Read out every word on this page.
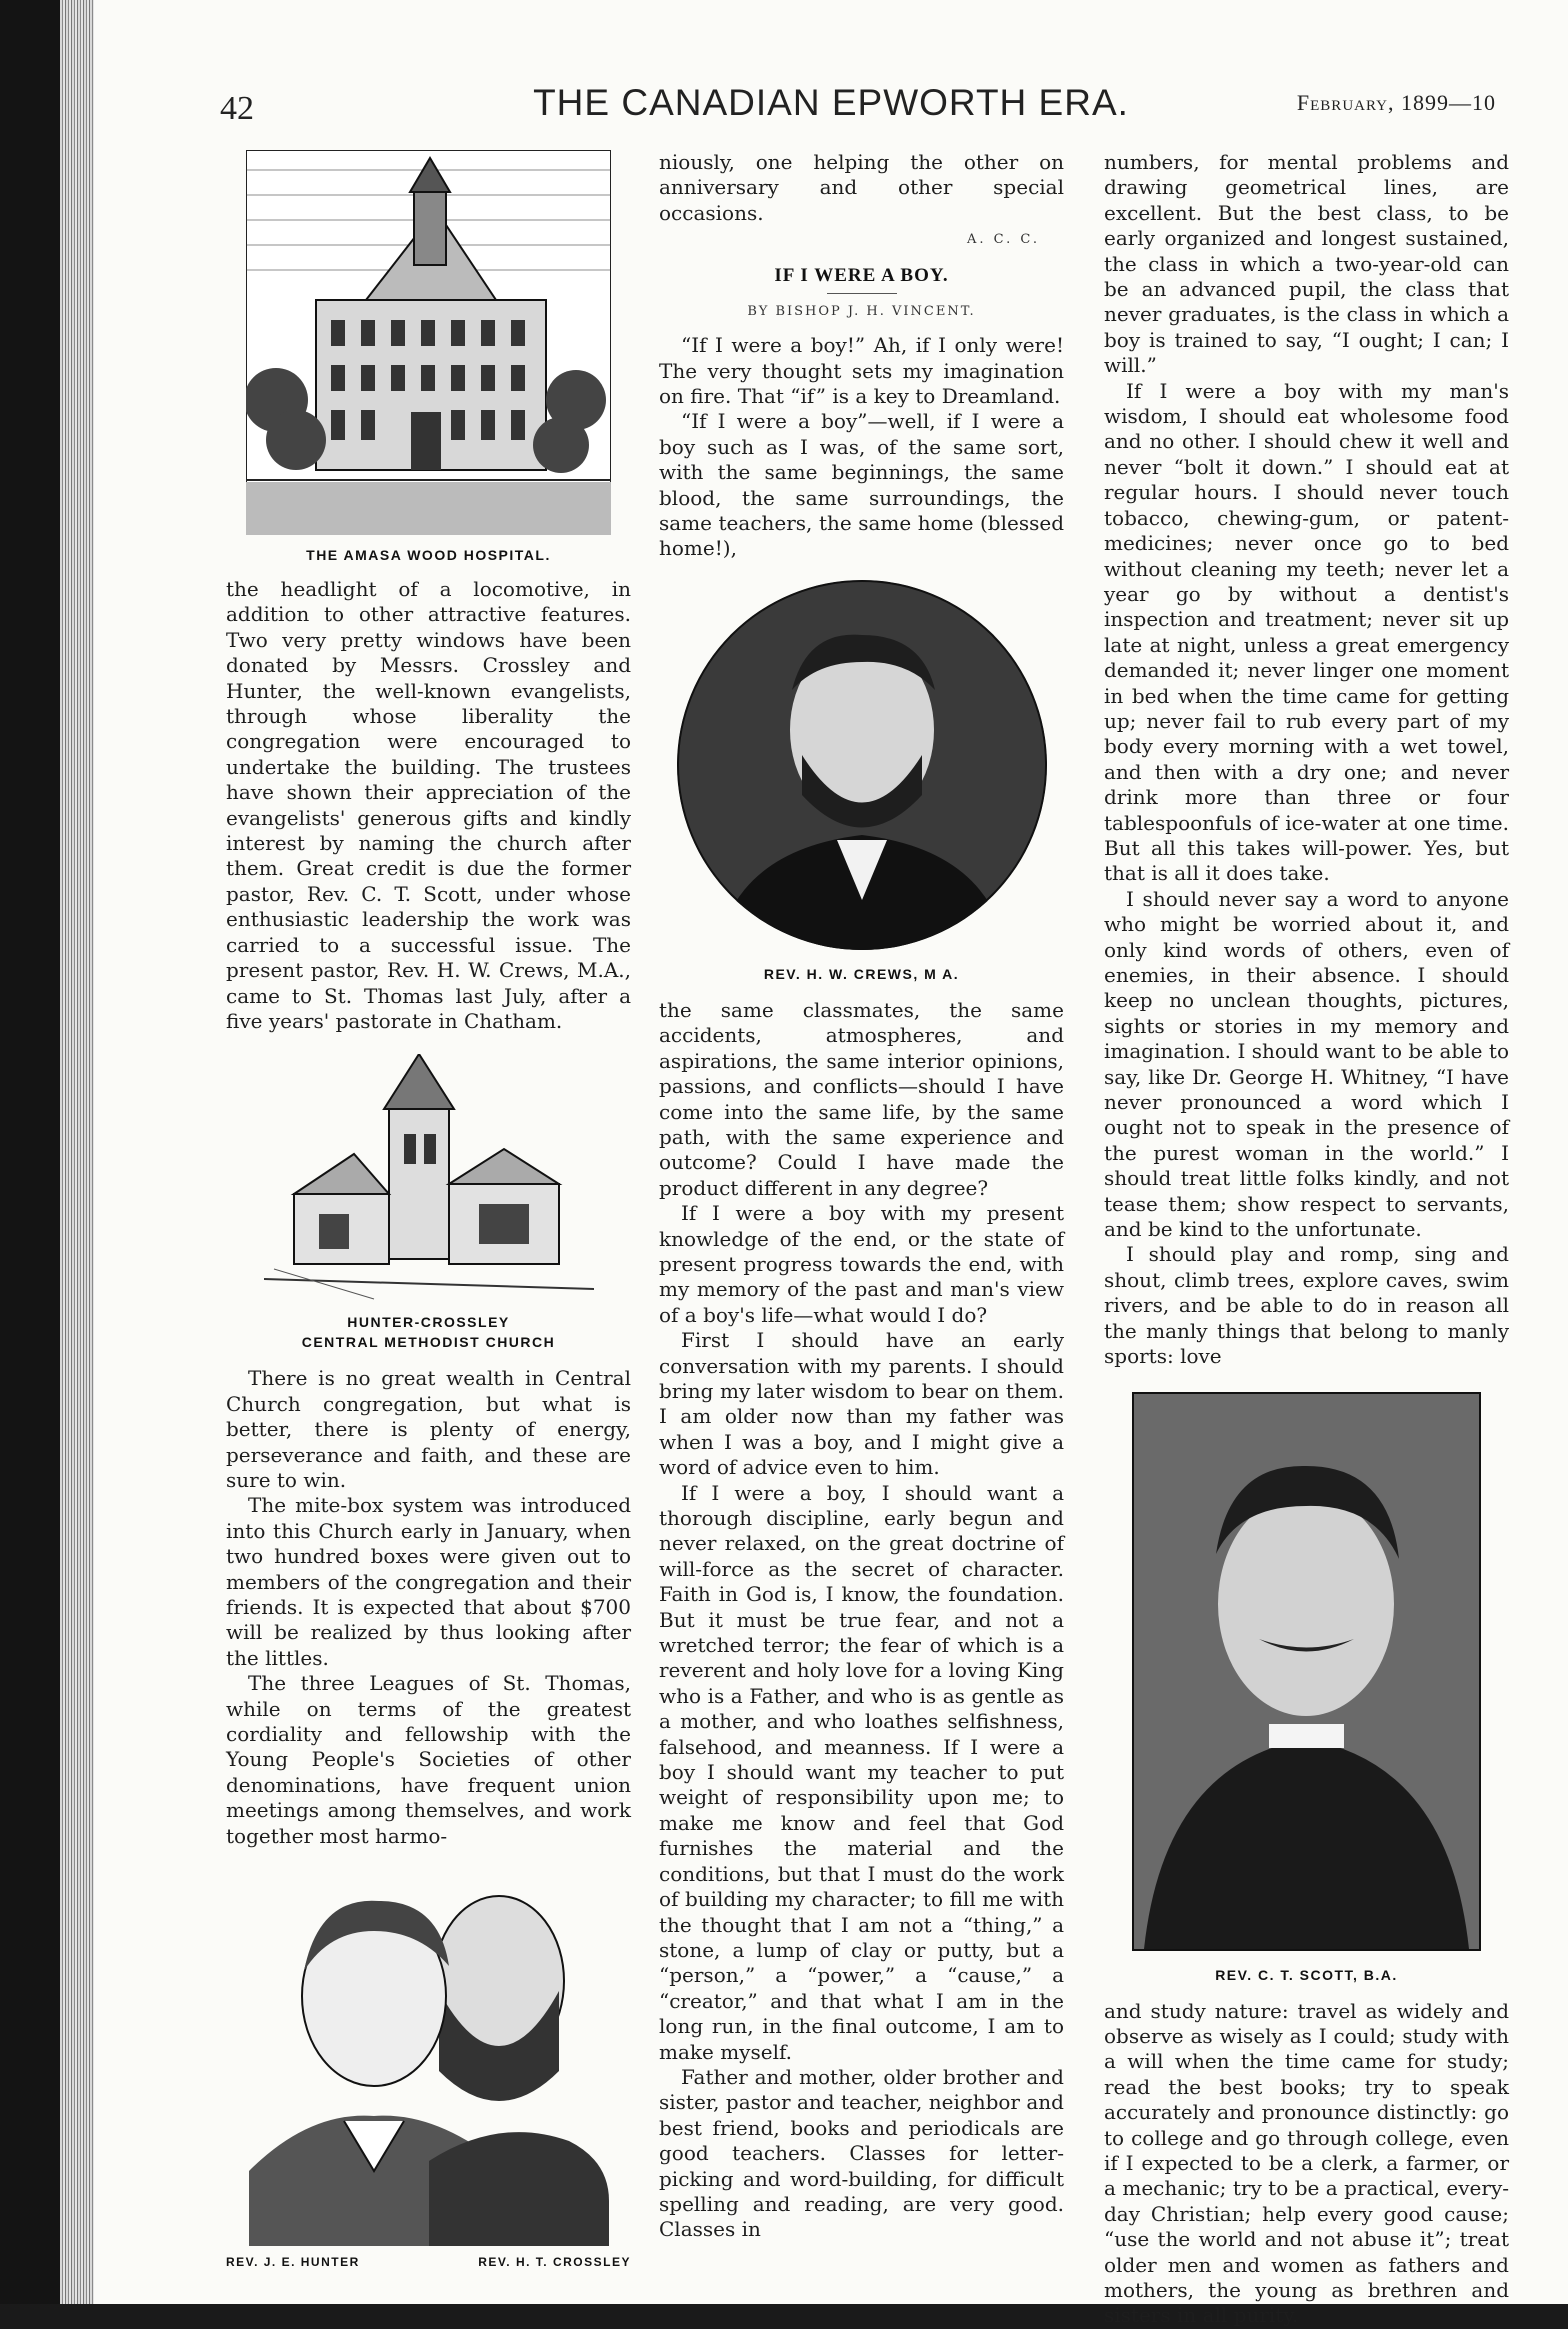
42	THE CANADIAN EPWORTH ERA.	February, 1899—10
THE AMASA WOOD HOSPITAL.

the headlight of a locomotive, in addition to other attractive features. Two very pretty windows have been donated by Messrs. Crossley and Hunter, the well-known evangelists, through whose liberality the congregation were encouraged to undertake the building. The trustees have shown their appreciation of the evangelists' generous gifts and kindly interest by naming the church after them. Great credit is due the former pastor, Rev. C. T. Scott, under whose enthusiastic leadership the work was carried to a successful issue. The present pastor, Rev. H. W. Crews, M.A., came to St. Thomas last July, after a five years' pastorate in Chatham.

HUNTER-CROSSLEY
CENTRAL METHODIST CHURCH

There is no great wealth in Central Church congregation, but what is better, there is plenty of energy, perseverance and faith, and these are sure to win.

The mite-box system was introduced into this Church early in January, when two hundred boxes were given out to members of the congregation and their friends. It is expected that about $700 will be realized by thus looking after the littles.

The three Leagues of St. Thomas, while on terms of the greatest cordiality and fellowship with the Young People's Societies of other denominations, have frequent union meetings among themselves, and work together most harmo-

REV. J. E. HUNTER	REV. H. T. CROSSLEY

niously, one helping the other on anniversary and other special occasions.

A. C. C.
IF I WERE A BOY.
BY BISHOP J. H. VINCENT.

“If I were a boy!” Ah, if I only were! The very thought sets my imagination on fire. That “if” is a key to Dreamland.

“If I were a boy”—well, if I were a boy such as I was, of the same sort, with the same beginnings, the same blood, the same surroundings, the same teachers, the same home (blessed home!),

REV. H. W. CREWS, M A.

the same classmates, the same accidents, atmospheres, and aspirations, the same interior opinions, passions, and conflicts—should I have come into the same life, by the same path, with the same experience and outcome? Could I have made the product different in any degree?

If I were a boy with my present knowledge of the end, or the state of present progress towards the end, with my memory of the past and man's view of a boy's life—what would I do?

First I should have an early conversation with my parents. I should bring my later wisdom to bear on them. I am older now than my father was when I was a boy, and I might give a word of advice even to him.

If I were a boy, I should want a thorough discipline, early begun and never relaxed, on the great doctrine of will-force as the secret of character. Faith in God is, I know, the foundation. But it must be true fear, and not a wretched terror; the fear of which is a reverent and holy love for a loving King who is a Father, and who is as gentle as a mother, and who loathes selfishness, falsehood, and meanness. If I were a boy I should want my teacher to put weight of responsibility upon me; to make me know and feel that God furnishes the material and the conditions, but that I must do the work of building my character; to fill me with the thought that I am not a “thing,” a stone, a lump of clay or putty, but a “person,” a “power,” a “cause,” a “creator,” and that what I am in the long run, in the final outcome, I am to make myself.

Father and mother, older brother and sister, pastor and teacher, neighbor and best friend, books and periodicals are good teachers. Classes for letter-picking and word-building, for difficult spelling and reading, are very good. Classes in

numbers, for mental problems and drawing geometrical lines, are excellent. But the best class, to be early organized and longest sustained, the class in which a two-year-old can be an advanced pupil, the class that never graduates, is the class in which a boy is trained to say, “I ought; I can; I will.”

If I were a boy with my man's wisdom, I should eat wholesome food and no other. I should chew it well and never “bolt it down.” I should eat at regular hours. I should never touch tobacco, chewing-gum, or patent-medicines; never once go to bed without cleaning my teeth; never let a year go by without a dentist's inspection and treatment; never sit up late at night, unless a great emergency demanded it; never linger one moment in bed when the time came for getting up; never fail to rub every part of my body every morning with a wet towel, and then with a dry one; and never drink more than three or four tablespoonfuls of ice-water at one time. But all this takes will-power. Yes, but that is all it does take.

I should never say a word to anyone who might be worried about it, and only kind words of others, even of enemies, in their absence. I should keep no unclean thoughts, pictures, sights or stories in my memory and imagination. I should want to be able to say, like Dr. George H. Whitney, “I have never pronounced a word which I ought not to speak in the presence of the purest woman in the world.” I should treat little folks kindly, and not tease them; show respect to servants, and be kind to the unfortunate.

I should play and romp, sing and shout, climb trees, explore caves, swim rivers, and be able to do in reason all the manly things that belong to manly sports: love

REV. C. T. SCOTT, B.A.

and study nature: travel as widely and observe as wisely as I could; study with a will when the time came for study; read the best books; try to speak accurately and pronounce distinctly: go to college and go through college, even if I expected to be a clerk, a farmer, or a mechanic; try to be a practical, every-day Christian; help every good cause; “use the world and not abuse it”; treat older men and women as fathers and mothers, the young as brethren and sisters in all purity.
